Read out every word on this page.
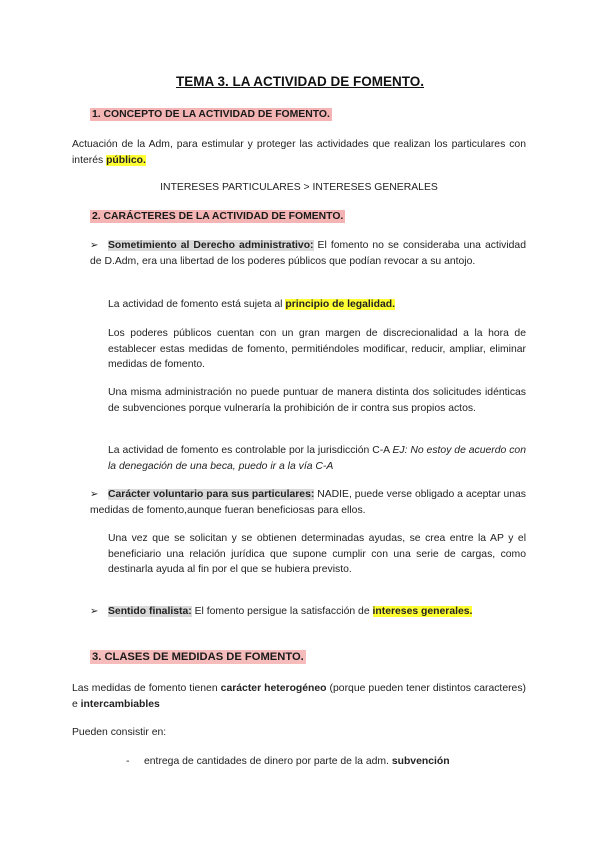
TEMA 3. LA ACTIVIDAD DE FOMENTO.
1. CONCEPTO DE LA ACTIVIDAD DE FOMENTO.
Actuación de la Adm, para estimular y proteger las actividades que realizan los particulares con interés público.
INTERESES PARTICULARES > INTERESES GENERALES
2. CARÁCTERES DE LA ACTIVIDAD DE FOMENTO.
➢ Sometimiento al Derecho administrativo: El fomento no se consideraba una actividad de D.Adm, era una libertad de los poderes públicos que podían revocar a su antojo.
La actividad de fomento está sujeta al principio de legalidad.
Los poderes públicos cuentan con un gran margen de discrecionalidad a la hora de establecer estas medidas de fomento, permitiéndoles modificar, reducir, ampliar, eliminar medidas de fomento.
Una misma administración no puede puntuar de manera distinta dos solicitudes idénticas de subvenciones porque vulneraría la prohibición de ir contra sus propios actos.
La actividad de fomento es controlable por la jurisdicción C-A EJ: No estoy de acuerdo con la denegación de una beca, puedo ir a la vía C-A
➢ Carácter voluntario para sus particulares: NADIE, puede verse obligado a aceptar unas medidas de fomento,aunque fueran beneficiosas para ellos.
Una vez que se solicitan y se obtienen determinadas ayudas, se crea entre la AP y el beneficiario una relación jurídica que supone cumplir con una serie de cargas, como destinarla ayuda al fin por el que se hubiera previsto.
➢ Sentido finalista: El fomento persigue la satisfacción de intereses generales.
3. CLASES DE MEDIDAS DE FOMENTO.
Las medidas de fomento tienen carácter heterogéneo (porque pueden tener distintos caracteres) e intercambiables
Pueden consistir en:
- entrega de cantidades de dinero por parte de la adm. subvención
